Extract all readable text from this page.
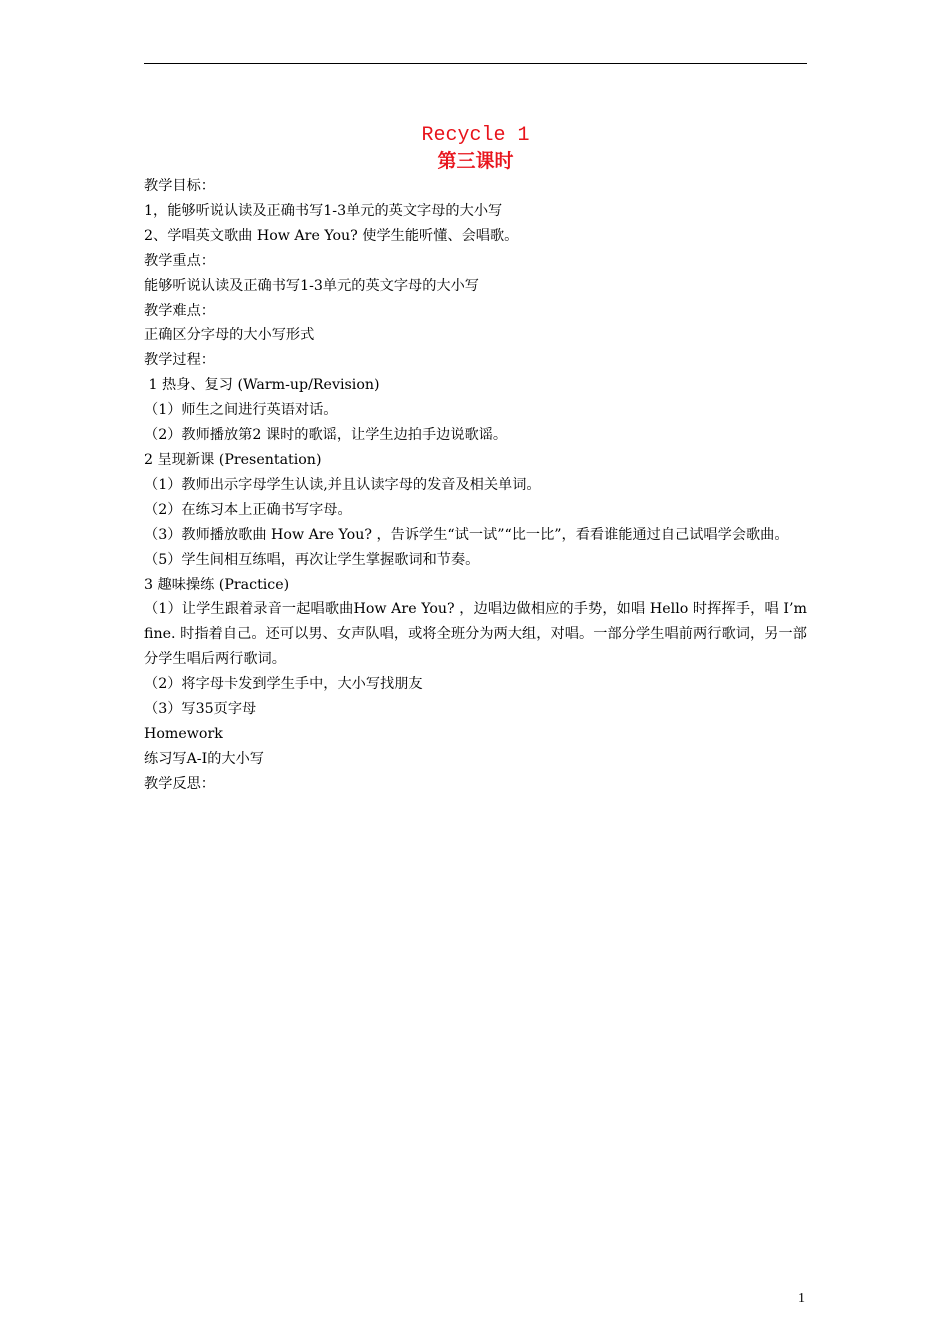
Recycle 1
第三课时

教学目标：

1，能够听说认读及正确书写1-3单元的英文字母的大小写

2、学唱英文歌曲 How Are You? 使学生能听懂、会唱歌。

教学重点：

能够听说认读及正确书写1-3单元的英文字母的大小写

教学难点：

正确区分字母的大小写形式

教学过程：

1 热身、复习 (Warm-up/Revision)

（1）师生之间进行英语对话。

（2）教师播放第2 课时的歌谣，让学生边拍手边说歌谣。

2 呈现新课 (Presentation)

（1）教师出示字母学生认读,并且认读字母的发音及相关单词。

（2）在练习本上正确书写字母。

（3）教师播放歌曲 How Are You? ，告诉学生“试一试”“比一比”，看看谁能通过自己试唱学会歌曲。

（5）学生间相互练唱，再次让学生掌握歌词和节奏。

3 趣味操练 (Practice)

（1）让学生跟着录音一起唱歌曲How Are You? ，边唱边做相应的手势，如唱 Hello 时挥挥手，唱 I’m fine. 时指着自己。还可以男、女声队唱，或将全班分为两大组，对唱。一部分学生唱前两行歌词，另一部分学生唱后两行歌词。

（2）将字母卡发到学生手中，大小写找朋友

（3）写35页字母

Homework

练习写A-I的大小写

教学反思：

1
